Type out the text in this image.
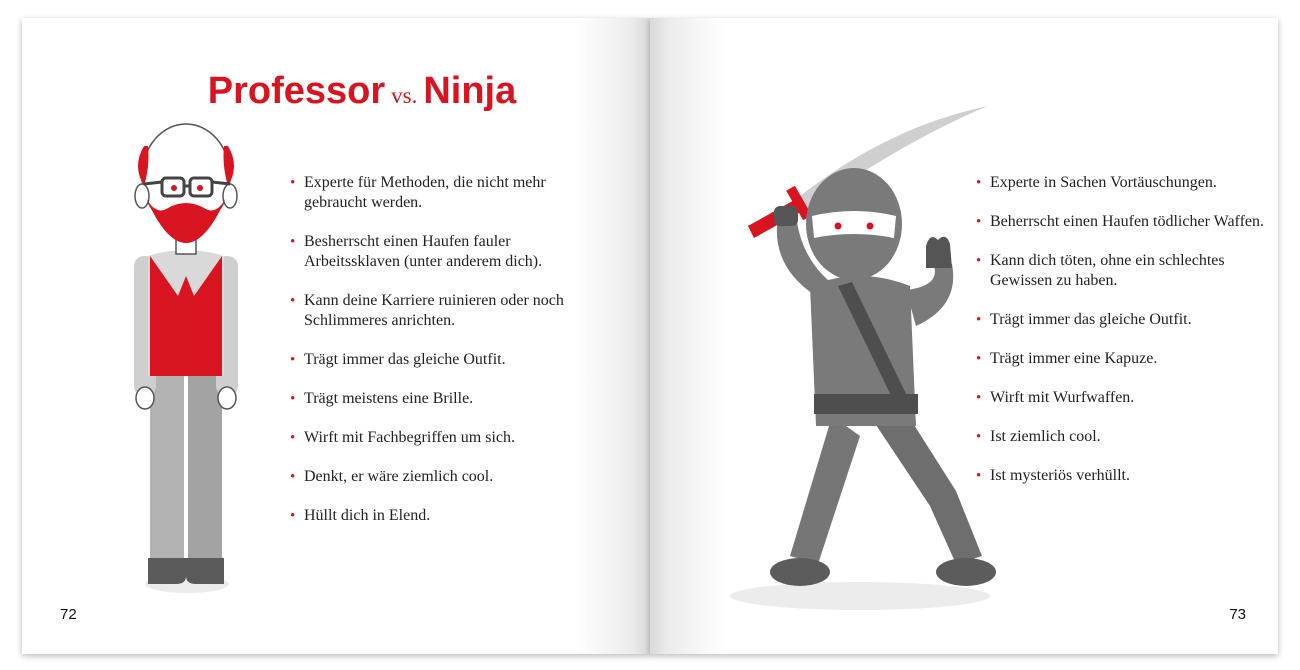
Professor vs. Ninja
• Experte für Methoden, die nicht mehr gebraucht werden.
• Besherrscht einen Haufen fauler Arbeitssklaven (unter anderem dich).
• Kann deine Karriere ruinieren oder noch Schlimmeres anrichten.
• Trägt immer das gleiche Outfit.
• Trägt meistens eine Brille.
• Wirft mit Fachbegriffen um sich.
• Denkt, er wäre ziemlich cool.
• Hüllt dich in Elend.
72
• Experte in Sachen Vortäuschungen.
• Beherrscht einen Haufen tödlicher Waffen.
• Kann dich töten, ohne ein schlechtes Gewissen zu haben.
• Trägt immer das gleiche Outfit.
• Trägt immer eine Kapuze.
• Wirft mit Wurfwaffen.
• Ist ziemlich cool.
• Ist mysteriös verhüllt.
73
